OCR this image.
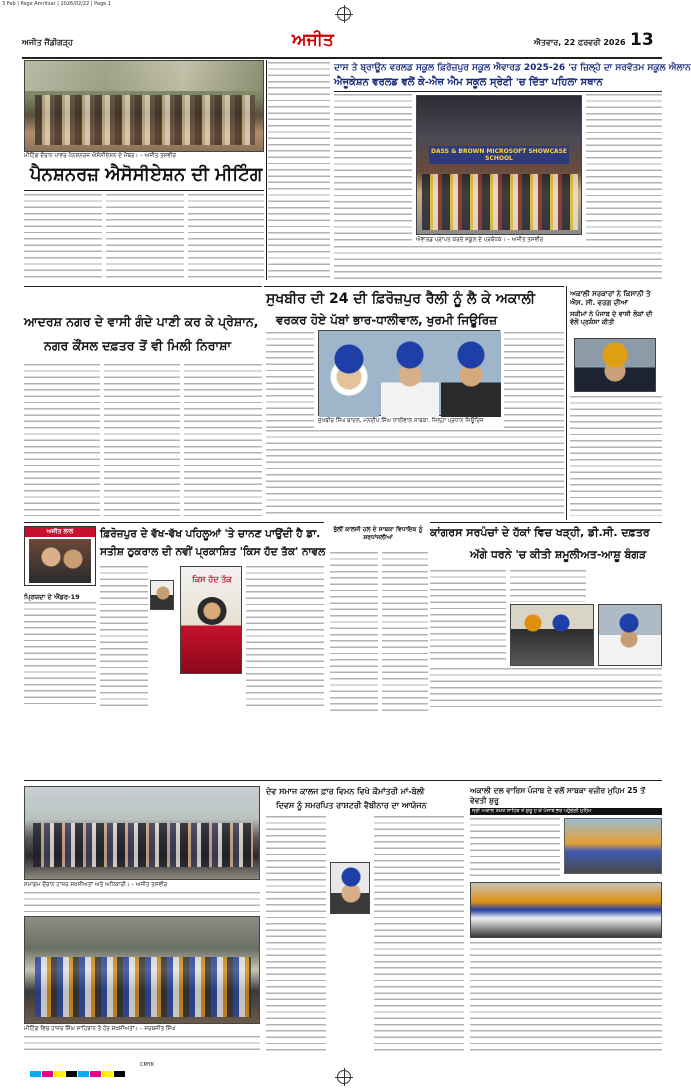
3 Feb | Page Amritsar | 2026/02/22 | Page 1
ਅਜੀਤ ਜੈਂਡੀਗੜ੍ਹ	ਅਜੀਤ	ਐਤਵਾਰ, 22 ਫਰਵਰੀ 2026 13
ਮੀਟਿੰਗ ਦੌਰਾਨ ਪਾਵਰ ਪੈਨਸ਼ਨਰਜ਼ ਐਸੋਸੀਏਸ਼ਨ ਦੇ ਮੈਂਬਰ। – ਅਜੀਤ ਤਸਵੀਰ
ਪੈਨਸ਼ਨਰਜ਼ ਐਸੋਸੀਏਸ਼ਨ ਦੀ ਮੀਟਿੰਗ
ਦਾਸ ਤੇ ਬ੍ਰਾਊਨ ਵਰਲਡ ਸਕੂਲ ਫ਼ਿਰੋਜ਼ਪੁਰ ਸਕੂਲ ਐਵਾਰਡ 2025-26 'ਚ ਜ਼ਿਲ੍ਹੇ ਦਾ ਸਰਵੋਤਮ ਸਕੂਲ ਐਲਾਨ
ਐਜੂਕੇਸ਼ਨ ਵਰਲਡ ਵਲੋਂ ਕੇ-ਐਜ਼ ਐਮ ਸਕੂਲ ਸ੍ਰੇਣੀ 'ਚ ਦਿੱਤਾ ਪਹਿਲਾ ਸਥਾਨ
DASS & BROWN MICROSOFT SHOWCASE SCHOOL
ਐਵਾਰਡ ਪ੍ਰਾਪਤ ਕਰਦੇ ਸਕੂਲ ਦੇ ਪ੍ਰਬੰਧਕ। – ਅਜੀਤ ਤਸਵੀਰ
ਸੁਖਬੀਰ ਦੀ 24 ਦੀ ਫ਼ਿਰੋਜ਼ਪੁਰ ਰੈਲੀ ਨੂੰ ਲੈ ਕੇ ਅਕਾਲੀ
ਵਰਕਰ ਹੋਏ ਪੱਬਾਂ ਭਾਰ-ਧਾਲੀਵਾਲ, ਖੁਰਮੀ ਜਿਊਰਿਜ਼
ਸੁਖਬੀਰ ਸਿੰਘ ਬਾਦਲ, ਮਨਦੀਪ ਸਿੰਘ ਧਾਲੀਵਾਲ ਸਾਬਕਾ, ਜ਼ਿਲ੍ਹਾ ਪ੍ਰਧਾਨ ਜਿਊਰਿਜ਼
ਆਦਰਸ਼ ਨਗਰ ਦੇ ਵਾਸੀ ਗੰਦੇ ਪਾਣੀ ਕਰ ਕੇ ਪ੍ਰੇਸ਼ਾਨ,
ਨਗਰ ਕੌਂਸਲ ਦਫ਼ਤਰ ਤੋਂ ਵੀ ਮਿਲੀ ਨਿਰਾਸ਼ਾ
ਅਕਾਲੀ ਸਰਕਾਰਾਂ ਨੇ ਕਿਸਾਨੀ ਤੇ ਐਸ. ਸੀ. ਵਰਗ ਦੀਆਂ
ਸਕੀਮਾਂ ਨੇ ਪੰਜਾਬ ਦੇ ਵਾਸੀ ਲੋਕਾਂ ਦੀ ਵੱਲੋਂ ਪ੍ਰਸ਼ੰਸਾ ਕੀਤੀ
ਅਜੀਤ ਲਾਲ
ਪ੍ਰਿਯਦਾ ਦੇ ਐਂਡਰ-19
ਫ਼ਿਰੋਜ਼ਪੁਰ ਦੇ ਵੱਖ-ਵੱਖ ਪਹਿਲੂਆਂ 'ਤੇ ਚਾਨਣ ਪਾਉਂਦੀ ਹੈ ਡਾ.
ਸਤੀਸ਼ ਠੁਕਰਾਲ ਦੀ ਨਵੀਂ ਪ੍ਰਕਾਸ਼ਿਤ 'ਕਿਸ ਹੱਦ ਤੱਕ' ਨਾਵਲ
ਕਿਸ ਹੱਦ ਤੱਕ
ਭੁੱਲੀਂ ਕਾਲਜੀ ਹਲ ਦੇ ਸਾਬਕਾ ਵਿਧਾਇਕ ਨੂੰ ਸ਼ਰਧਾਂਜਲੀਆਂ	ਕਾਂਗਰਸ ਸਰਪੰਚਾਂ ਦੇ ਹੱਕਾਂ ਵਿਚ ਖੜ੍ਹੀ, ਡੀ.ਸੀ. ਦਫ਼ਤਰ
ਅੱਗੇ ਧਰਨੇ 'ਚ ਕੀਤੀ ਸ਼ਮੂਲੀਅਤ-ਆਸ਼ੂ ਬੰਗੜ
ਸਮਾਗਮ ਦੌਰਾਨ ਹਾਜ਼ਰ ਸ਼ਖ਼ਸੀਅਤਾਂ ਅਤੇ ਅਧਿਕਾਰੀ। – ਅਜੀਤ ਤਸਵੀਰ
ਮੀਟਿੰਗ ਵਿਚ ਹਾਜ਼ਰ ਸਿੰਘ ਸਾਹਿਬਾਨ ਤੇ ਹੋਰ ਸ਼ਖ਼ਸੀਅਤਾਂ। – ਸਰਬਜੀਤ ਸਿੰਘ
ਦੇਵ ਸਮਾਜ ਕਾਲਜ ਫ਼ਾਰ ਵਿਮਨ ਵਿਖੇ ਕੌਮਾਂਤਰੀ ਮਾਂ-ਬੋਲੀ
ਦਿਵਸ ਨੂੰ ਸਮਰਪਿਤ ਰਾਸ਼ਟਰੀ ਵੈਬੀਨਾਰ ਦਾ ਆਯੋਜਨ
ਅਕਾਲੀ ਦਲ ਵਾਰਿਸ ਪੰਜਾਬ ਦੇ ਵਲੋਂ ਸਾਬਕਾ ਵਜ਼ੀਰ ਮੁਹਿਮ 25 ਤੋਂ ਵੇਵਤੀ ਸ਼ੁਰੂ
ਸ੍ਰੀ ਅਕਾਲ ਤਖ਼ਤ ਸਾਹਿਬ ਤੋਂ ਸ਼ੁਰੂ ਹੋ ਕੇ ਪੰਜਾਬ ਭਰ ਪਹੁੰਚੇਗੀ ਮੁਹਿੰਮ
CMYK
